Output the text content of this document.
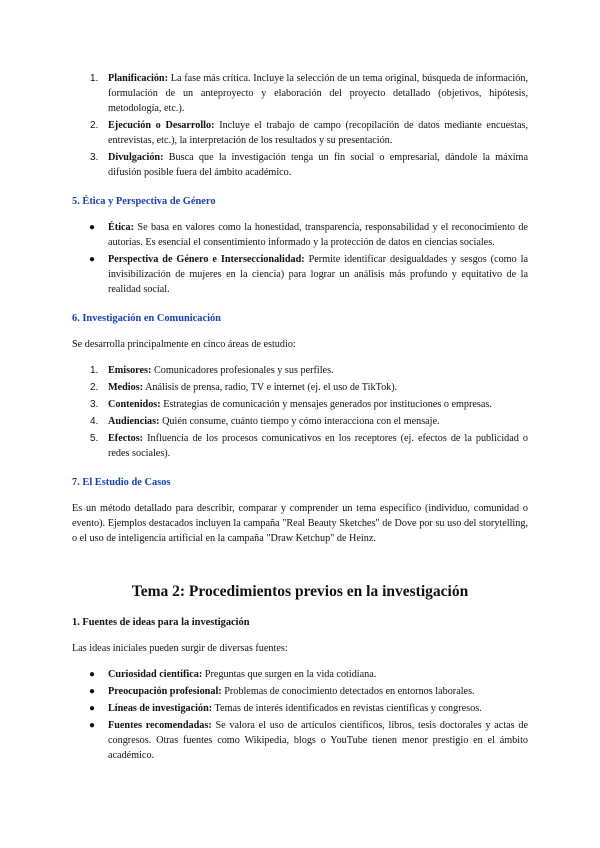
1. Planificación: La fase más crítica. Incluye la selección de un tema original, búsqueda de información, formulación de un anteproyecto y elaboración del proyecto detallado (objetivos, hipótesis, metodología, etc.).
2. Ejecución o Desarrollo: Incluye el trabajo de campo (recopilación de datos mediante encuestas, entrevistas, etc.), la interpretación de los resultados y su presentación.
3. Divulgación: Busca que la investigación tenga un fin social o empresarial, dándole la máxima difusión posible fuera del ámbito académico.
5. Ética y Perspectiva de Género
● Ética: Se basa en valores como la honestidad, transparencia, responsabilidad y el reconocimiento de autorías. Es esencial el consentimiento informado y la protección de datos en ciencias sociales.
● Perspectiva de Género e Interseccionalidad: Permite identificar desigualdades y sesgos (como la invisibilización de mujeres en la ciencia) para lograr un análisis más profundo y equitativo de la realidad social.
6. Investigación en Comunicación

Se desarrolla principalmente en cinco áreas de estudio:

1. Emisores: Comunicadores profesionales y sus perfiles.
2. Medios: Análisis de prensa, radio, TV e internet (ej. el uso de TikTok).
3. Contenidos: Estrategias de comunicación y mensajes generados por instituciones o empresas.
4. Audiencias: Quién consume, cuánto tiempo y cómo interacciona con el mensaje.
5. Efectos: Influencia de los procesos comunicativos en los receptores (ej. efectos de la publicidad o redes sociales).
7. El Estudio de Casos

Es un método detallado para describir, comparar y comprender un tema específico (individuo, comunidad o evento). Ejemplos destacados incluyen la campaña "Real Beauty Sketches" de Dove por su uso del storytelling, o el uso de inteligencia artificial en la campaña "Draw Ketchup" de Heinz.

Tema 2: Procedimientos previos en la investigación
1. Fuentes de ideas para la investigación

Las ideas iniciales pueden surgir de diversas fuentes:

● Curiosidad científica: Preguntas que surgen en la vida cotidiana.
● Preocupación profesional: Problemas de conocimiento detectados en entornos laborales.
● Líneas de investigación: Temas de interés identificados en revistas científicas y congresos.
● Fuentes recomendadas: Se valora el uso de artículos científicos, libros, tesis doctorales y actas de congresos. Otras fuentes como Wikipedia, blogs o YouTube tienen menor prestigio en el ámbito académico.
